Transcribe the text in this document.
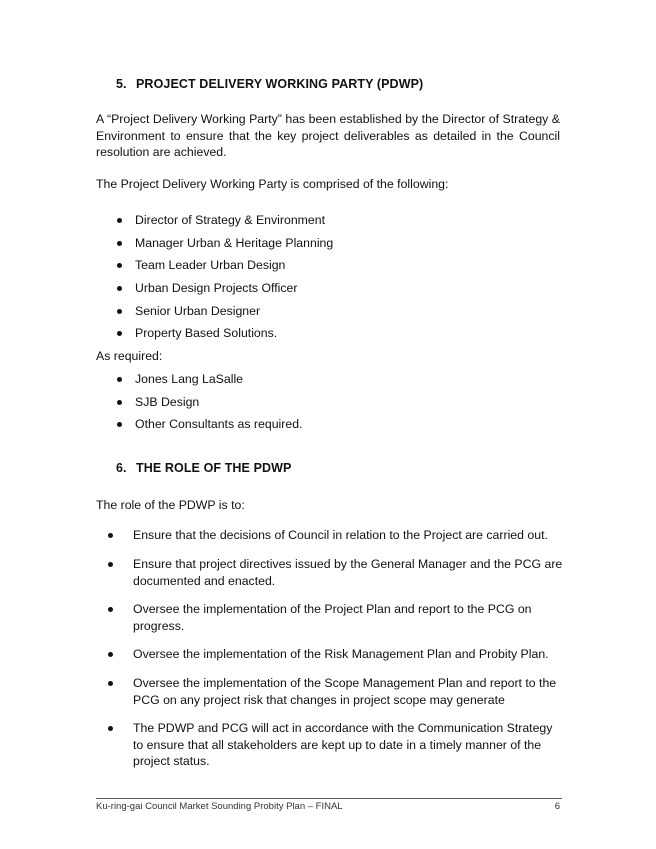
5. PROJECT DELIVERY WORKING PARTY (PDWP)
A “Project Delivery Working Party” has been established by the Director of Strategy & Environment to ensure that the key project deliverables as detailed in the Council resolution are achieved.
The Project Delivery Working Party is comprised of the following:
Director of Strategy & Environment
Manager Urban & Heritage Planning
Team Leader Urban Design
Urban Design Projects Officer
Senior Urban Designer
Property Based Solutions.
As required:
Jones Lang LaSalle
SJB Design
Other Consultants as required.
6. THE ROLE OF THE PDWP
The role of the PDWP is to:
Ensure that the decisions of Council in relation to the Project are carried out.
Ensure that project directives issued by the General Manager and the PCG are documented and enacted.
Oversee the implementation of the Project Plan and report to the PCG on progress.
Oversee the implementation of the Risk Management Plan and Probity Plan.
Oversee the implementation of the Scope Management Plan and report to the PCG on any project risk that changes in project scope may generate
The PDWP and PCG will act in accordance with the Communication Strategy to ensure that all stakeholders are kept up to date in a timely manner of the project status.
Ku-ring-gai Council Market Sounding Probity Plan – FINAL	6
